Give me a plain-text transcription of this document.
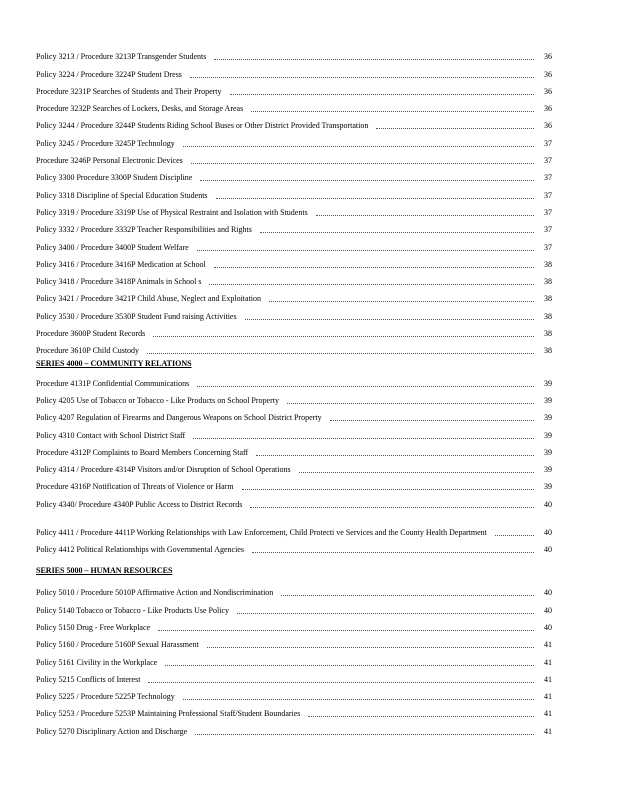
Policy 3213 / Procedure 3213P Transgender Students	36
Policy 3224 / Procedure 3224P Student Dress	36
Procedure 3231P Searches of Students and Their Property	36
Procedure 3232P Searches of Lockers, Desks, and Storage Areas	36
Policy 3244 / Procedure 3244P Students Riding School Buses or Other District Provided Transportation	36
Policy 3245 / Procedure 3245P Technology	37
Procedure 3246P Personal Electronic Devices	37
Policy 3300 Procedure 3300P Student Discipline	37
Policy 3318 Discipline of Special Education Students	37
Policy 3319 / Procedure 3319P Use of Physical Restraint and Isolation with Students	37
Policy 3332 / Procedure 3332P Teacher Responsibilities and Rights	37
Policy 3400 / Procedure 3400P Student Welfare	37
Policy 3416 / Procedure 3416P Medication at School	38
Policy 3418 / Procedure 3418P Animals in School s	38
Policy 3421 / Procedure 3421P Child Abuse, Neglect and Exploitation	38
Policy 3530 / Procedure 3530P Student Fund raising Activities	38
Procedure 3600P Student Records	38
Procedure 3610P Child Custody	38
SERIES 4000 – COMMUNITY RELATIONS
Procedure 4131P Confidential Communications	39
Policy 4205 Use of Tobacco or Tobacco - Like Products on School Property	39
Policy 4207 Regulation of Firearms and Dangerous Weapons on School District Property	39
Policy 4310 Contact with School District Staff	39
Procedure 4312P Complaints to Board Members Concerning Staff	39
Policy 4314 / Procedure 4314P Visitors and/or Disruption of School Operations	39
Procedure 4316P Notification of Threats of Violence or Harm	39
Policy 4340/ Procedure 4340P Public Access to District Records	40
Policy 4411 / Procedure 4411P Working Relationships with Law Enforcement, Child Protecti ve Services and the County Health Department	40
Policy 4412 Political Relationships with Governmental Agencies	40
SERIES 5000 – HUMAN RESOURCES
Policy 5010 / Procedure 5010P Affirmative Action and Nondiscrimination	40
Policy 5140 Tobacco or Tobacco - Like Products Use Policy	40
Policy 5150 Drug - Free Workplace	40
Policy 5160 / Procedure 5160P Sexual Harassment	41
Policy 5161 Civility in the Workplace	41
Policy 5215 Conflicts of Interest	41
Policy 5225 / Procedure 5225P Technology	41
Policy 5253 / Procedure 5253P Maintaining Professional Staff/Student Boundaries	41
Policy 5270 Disciplinary Action and Discharge	41
